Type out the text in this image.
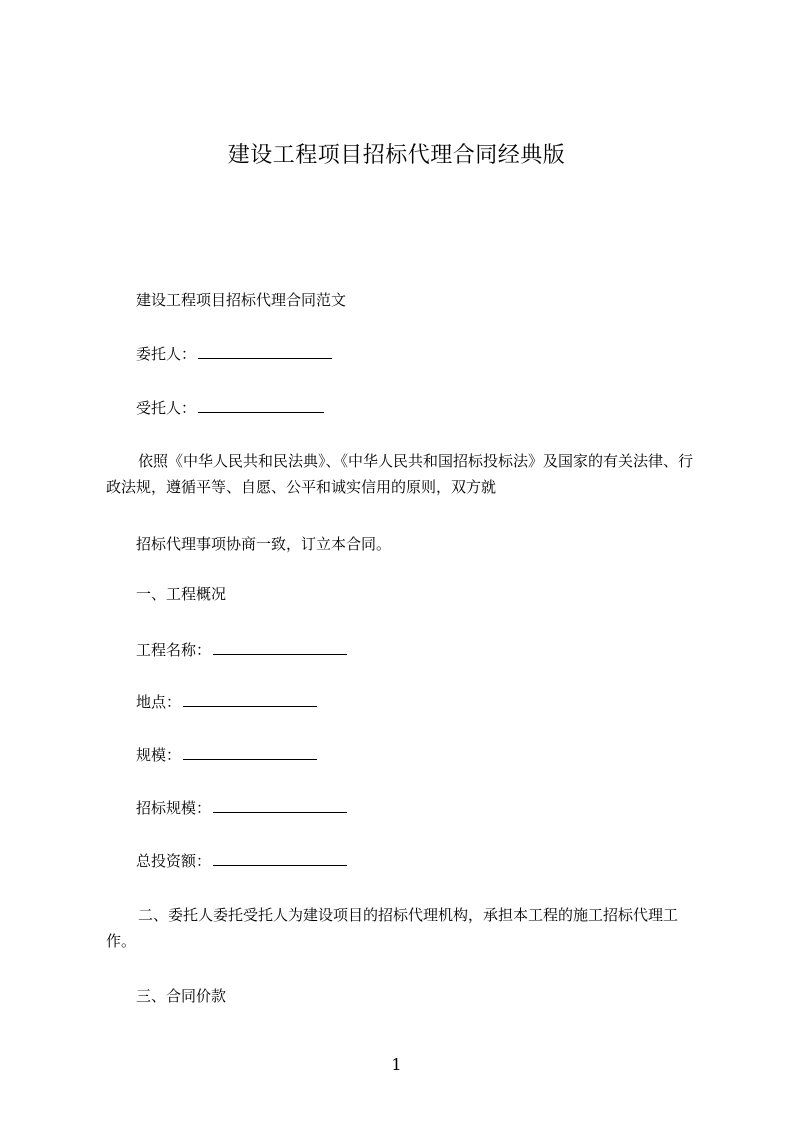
建设工程项目招标代理合同经典版
建设工程项目招标代理合同范文
委托人：
受托人：
依照《中华人民共和民法典》、《中华人民共和国招标投标法》及国家的有关法律、行政法规，遵循平等、自愿、公平和诚实信用的原则，双方就
招标代理事项协商一致，订立本合同。
一、工程概况
工程名称：
地点：
规模：
招标规模：
总投资额：
二、委托人委托受托人为建设项目的招标代理机构，承担本工程的施工招标代理工作。
三、合同价款
1
